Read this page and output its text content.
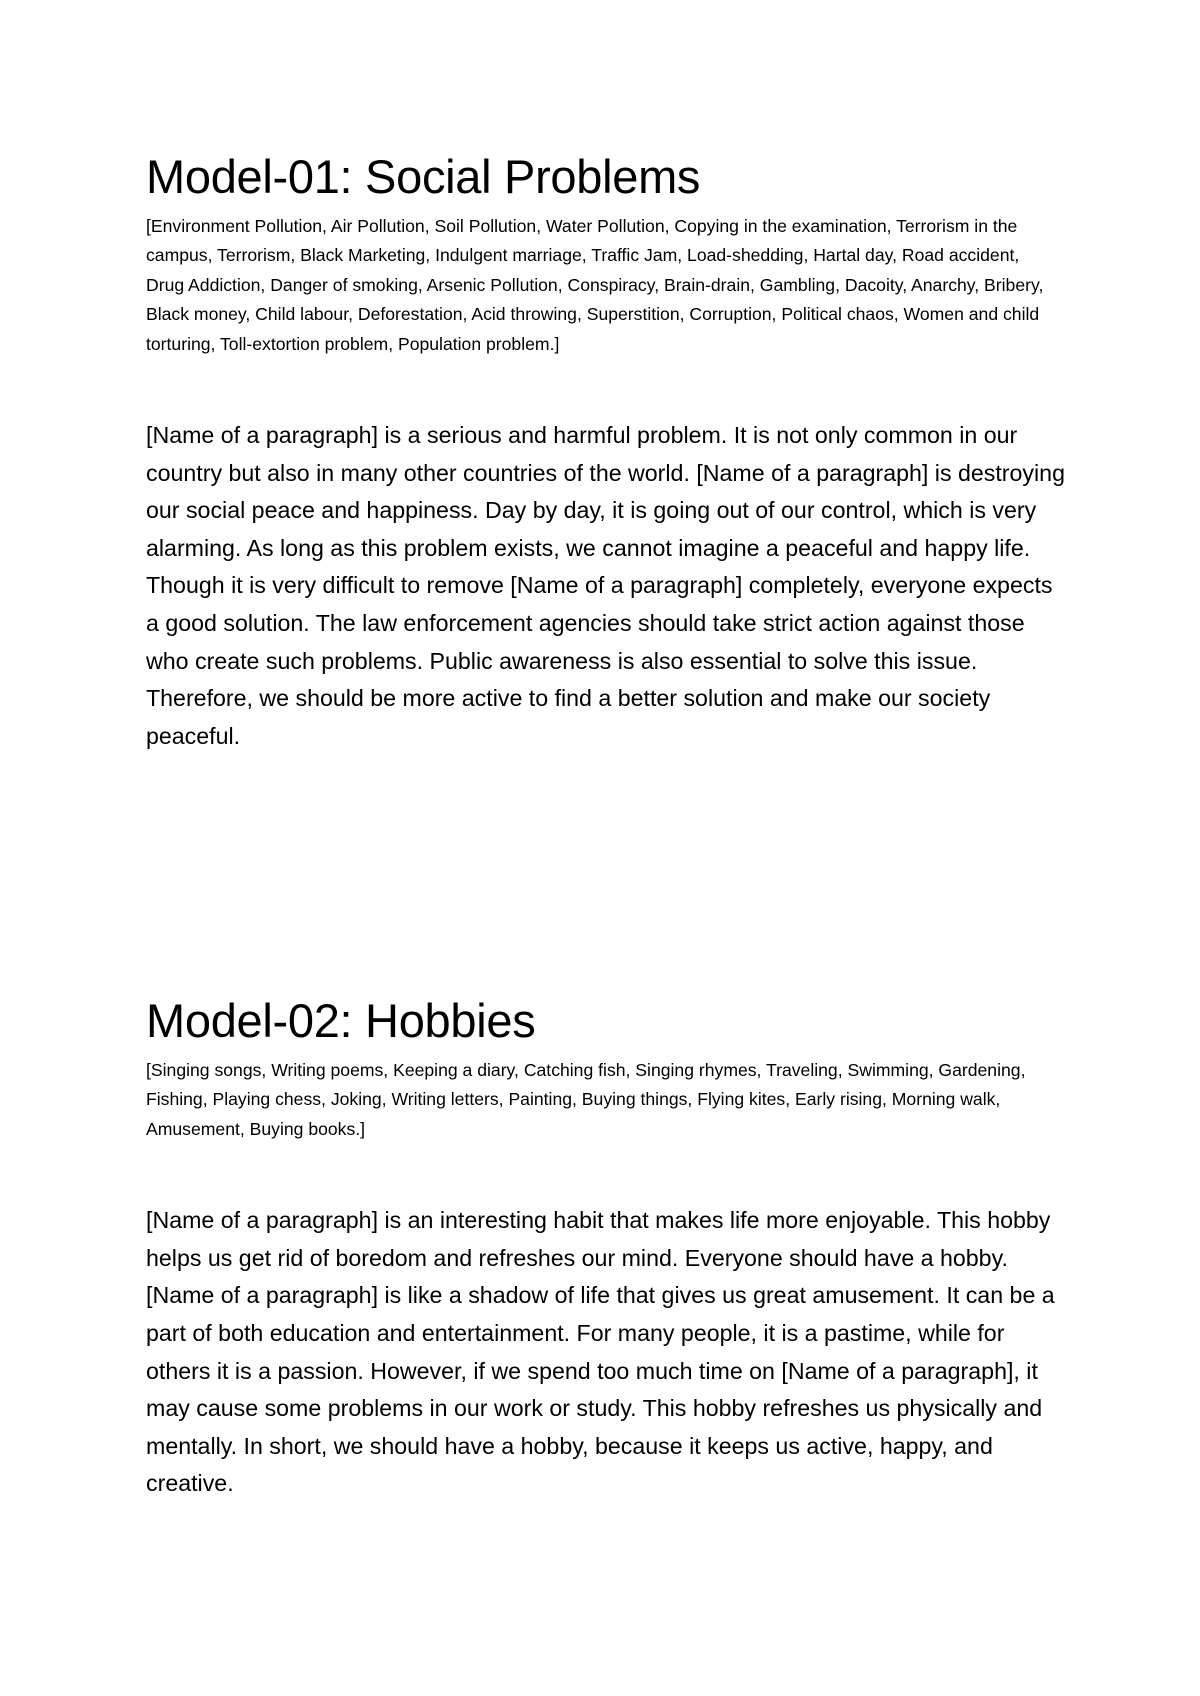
Model-01: Social Problems

[Environment Pollution, Air Pollution, Soil Pollution, Water Pollution, Copying in the examination, Terrorism in the campus, Terrorism, Black Marketing, Indulgent marriage, Traffic Jam, Load-shedding, Hartal day, Road accident, Drug Addiction, Danger of smoking, Arsenic Pollution, Conspiracy, Brain-drain, Gambling, Dacoity, Anarchy, Bribery, Black money, Child labour, Deforestation, Acid throwing, Superstition, Corruption, Political chaos, Women and child torturing, Toll-extortion problem, Population problem.]

[Name of a paragraph] is a serious and harmful problem. It is not only common in our country but also in many other countries of the world. [Name of a paragraph] is destroying our social peace and happiness. Day by day, it is going out of our control, which is very alarming. As long as this problem exists, we cannot imagine a peaceful and happy life. Though it is very difficult to remove [Name of a paragraph] completely, everyone expects a good solution. The law enforcement agencies should take strict action against those who create such problems. Public awareness is also essential to solve this issue. Therefore, we should be more active to find a better solution and make our society peaceful.

Model-02: Hobbies

[Singing songs, Writing poems, Keeping a diary, Catching fish, Singing rhymes, Traveling, Swimming, Gardening, Fishing, Playing chess, Joking, Writing letters, Painting, Buying things, Flying kites, Early rising, Morning walk, Amusement, Buying books.]

[Name of a paragraph] is an interesting habit that makes life more enjoyable. This hobby helps us get rid of boredom and refreshes our mind. Everyone should have a hobby. [Name of a paragraph] is like a shadow of life that gives us great amusement. It can be a part of both education and entertainment. For many people, it is a pastime, while for others it is a passion. However, if we spend too much time on [Name of a paragraph], it may cause some problems in our work or study. This hobby refreshes us physically and mentally. In short, we should have a hobby, because it keeps us active, happy, and creative.
